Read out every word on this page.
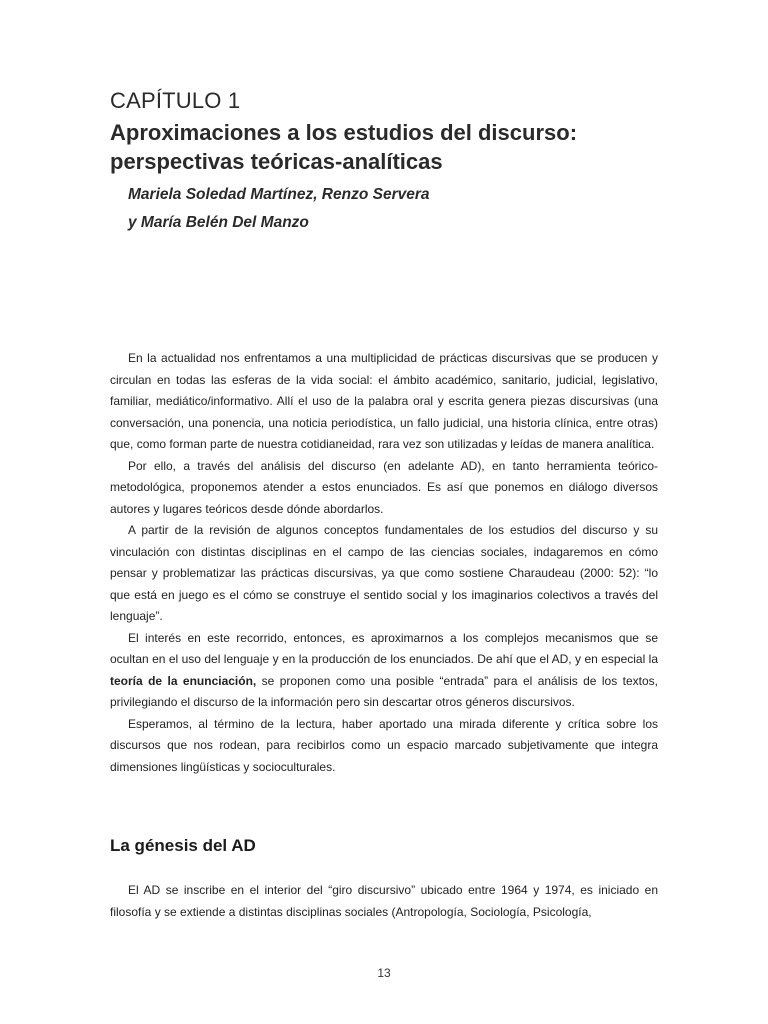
CAPÍTULO 1
Aproximaciones a los estudios del discurso:
perspectivas teóricas-analíticas
Mariela Soledad Martínez, Renzo Servera
y María Belén Del Manzo

En la actualidad nos enfrentamos a una multiplicidad de prácticas discursivas que se producen y circulan en todas las esferas de la vida social: el ámbito académico, sanitario, judicial, legislativo, familiar, mediático/informativo. Allí el uso de la palabra oral y escrita genera piezas discursivas (una conversación, una ponencia, una noticia periodística, un fallo judicial, una historia clínica, entre otras) que, como forman parte de nuestra cotidianeidad, rara vez son utilizadas y leídas de manera analítica.

Por ello, a través del análisis del discurso (en adelante AD), en tanto herramienta teórico-metodológica, proponemos atender a estos enunciados. Es así que ponemos en diálogo diversos autores y lugares teóricos desde dónde abordarlos.

A partir de la revisión de algunos conceptos fundamentales de los estudios del discurso y su vinculación con distintas disciplinas en el campo de las ciencias sociales, indagaremos en cómo pensar y problematizar las prácticas discursivas, ya que como sostiene Charaudeau (2000: 52): “lo que está en juego es el cómo se construye el sentido social y los imaginarios colectivos a través del lenguaje”.

El interés en este recorrido, entonces, es aproximarnos a los complejos mecanismos que se ocultan en el uso del lenguaje y en la producción de los enunciados. De ahí que el AD, y en especial la teoría de la enunciación, se proponen como una posible “entrada” para el análisis de los textos, privilegiando el discurso de la información pero sin descartar otros géneros discursivos.

Esperamos, al término de la lectura, haber aportado una mirada diferente y crítica sobre los discursos que nos rodean, para recibirlos como un espacio marcado subjetivamente que integra dimensiones lingüísticas y socioculturales.

La génesis del AD

El AD se inscribe en el interior del “giro discursivo” ubicado entre 1964 y 1974, es iniciado en filosofía y se extiende a distintas disciplinas sociales (Antropología, Sociología, Psicología,

13
